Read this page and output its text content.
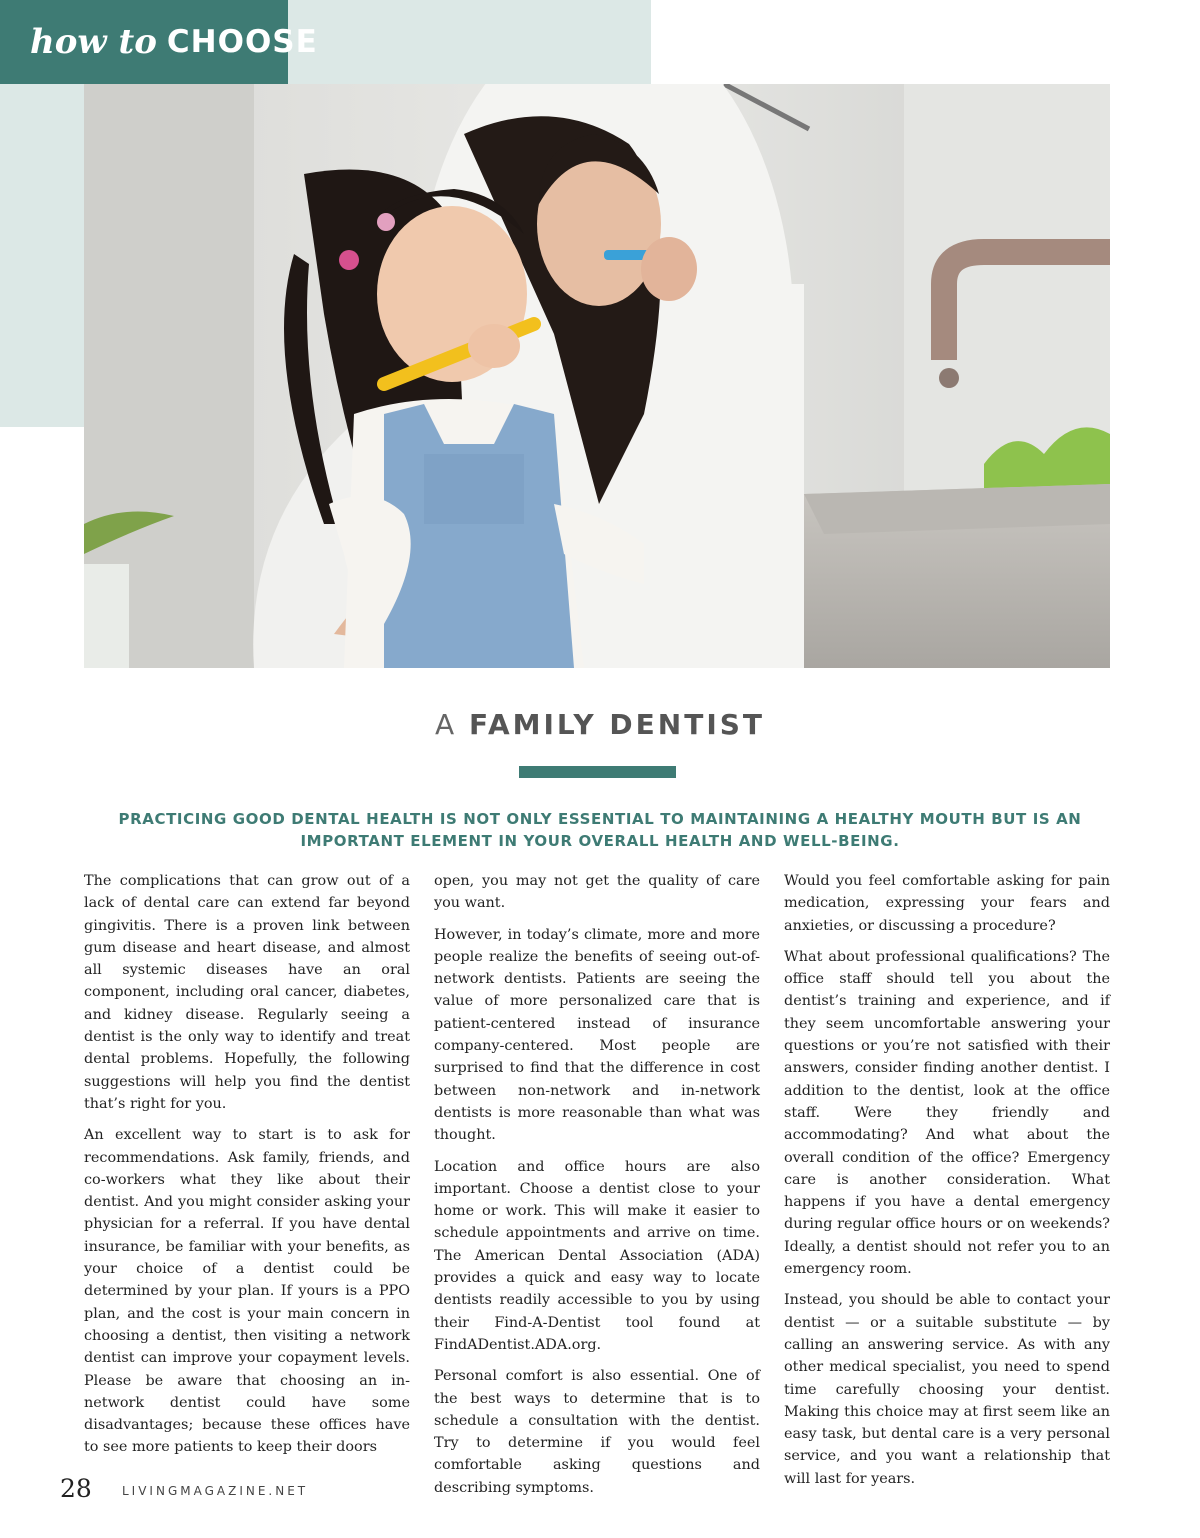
how to CHOOSE
A FAMILY DENTIST
PRACTICING GOOD DENTAL HEALTH IS NOT ONLY ESSENTIAL TO MAINTAINING A HEALTHY MOUTH BUT IS AN IMPORTANT ELEMENT IN YOUR OVERALL HEALTH AND WELL-BEING.

The complications that can grow out of a lack of dental care can extend far beyond gingivitis. There is a proven link between gum disease and heart disease, and almost all systemic diseases have an oral component, including oral cancer, diabetes, and kidney disease. Regularly seeing a dentist is the only way to identify and treat dental problems. Hopefully, the following suggestions will help you find the dentist that’s right for you.

An excellent way to start is to ask for recommendations. Ask family, friends, and co-workers what they like about their dentist. And you might consider asking your physician for a referral. If you have dental insurance, be familiar with your benefits, as your choice of a dentist could be determined by your plan. If yours is a PPO plan, and the cost is your main concern in choosing a dentist, then visiting a network dentist can improve your copayment levels. Please be aware that choosing an in-network dentist could have some disadvantages; because these offices have to see more patients to keep their doors

open, you may not get the quality of care you want.

However, in today’s climate, more and more people realize the benefits of seeing out-of-network dentists. Patients are seeing the value of more personalized care that is patient-centered instead of insurance company-centered. Most people are surprised to find that the difference in cost between non-network and in-network dentists is more reasonable than what was thought.

Location and office hours are also important. Choose a dentist close to your home or work. This will make it easier to schedule appointments and arrive on time. The American Dental Association (ADA) provides a quick and easy way to locate dentists readily accessible to you by using their Find-A-Dentist tool found at FindADentist.ADA.org.

Personal comfort is also essential. One of the best ways to determine that is to schedule a consultation with the dentist. Try to determine if you would feel comfortable asking questions and describing symptoms.

Would you feel comfortable asking for pain medication, expressing your fears and anxieties, or discussing a procedure?

What about professional qualifications? The office staff should tell you about the dentist’s training and experience, and if they seem uncomfortable answering your questions or you’re not satisfied with their answers, consider finding another dentist. I addition to the dentist, look at the office staff. Were they friendly and accommodating? And what about the overall condition of the office? Emergency care is another consideration. What happens if you have a dental emergency during regular office hours or on weekends? Ideally, a dentist should not refer you to an emergency room.

Instead, you should be able to contact your dentist — or a suitable substitute — by calling an answering service. As with any other medical specialist, you need to spend time carefully choosing your dentist. Making this choice may at first seem like an easy task, but dental care is a very personal service, and you want a relationship that will last for years.

28	LIVINGMAGAZINE.NET
